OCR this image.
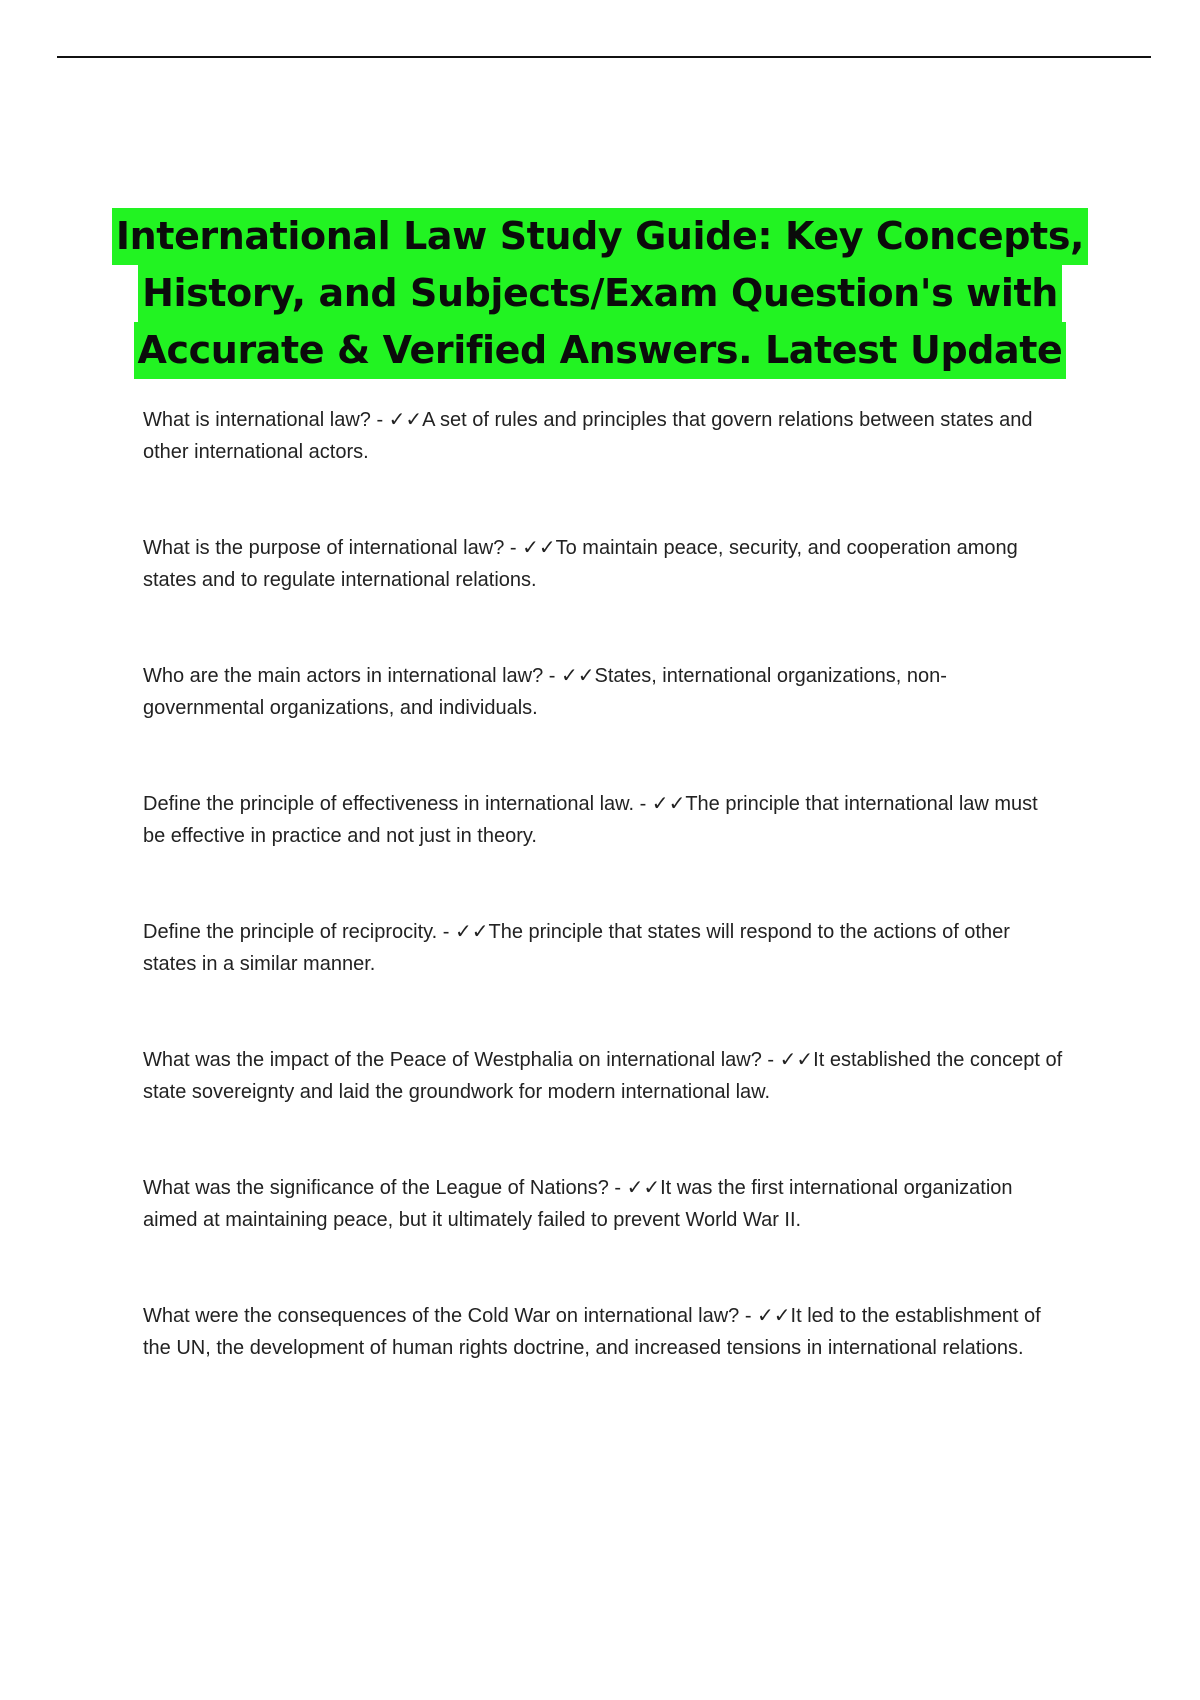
International Law Study Guide: Key Concepts,
History, and Subjects/Exam Question's with
Accurate & Verified Answers. Latest Update

What is international law? - ✓✓A set of rules and principles that govern relations between states and other international actors.

What is the purpose of international law? - ✓✓To maintain peace, security, and cooperation among states and to regulate international relations.

Who are the main actors in international law? - ✓✓States, international organizations, non-governmental organizations, and individuals.

Define the principle of effectiveness in international law. - ✓✓The principle that international law must be effective in practice and not just in theory.

Define the principle of reciprocity. - ✓✓The principle that states will respond to the actions of other states in a similar manner.

What was the impact of the Peace of Westphalia on international law? - ✓✓It established the concept of state sovereignty and laid the groundwork for modern international law.

What was the significance of the League of Nations? - ✓✓It was the first international organization aimed at maintaining peace, but it ultimately failed to prevent World War II.

What were the consequences of the Cold War on international law? - ✓✓It led to the establishment of the UN, the development of human rights doctrine, and increased tensions in international relations.
